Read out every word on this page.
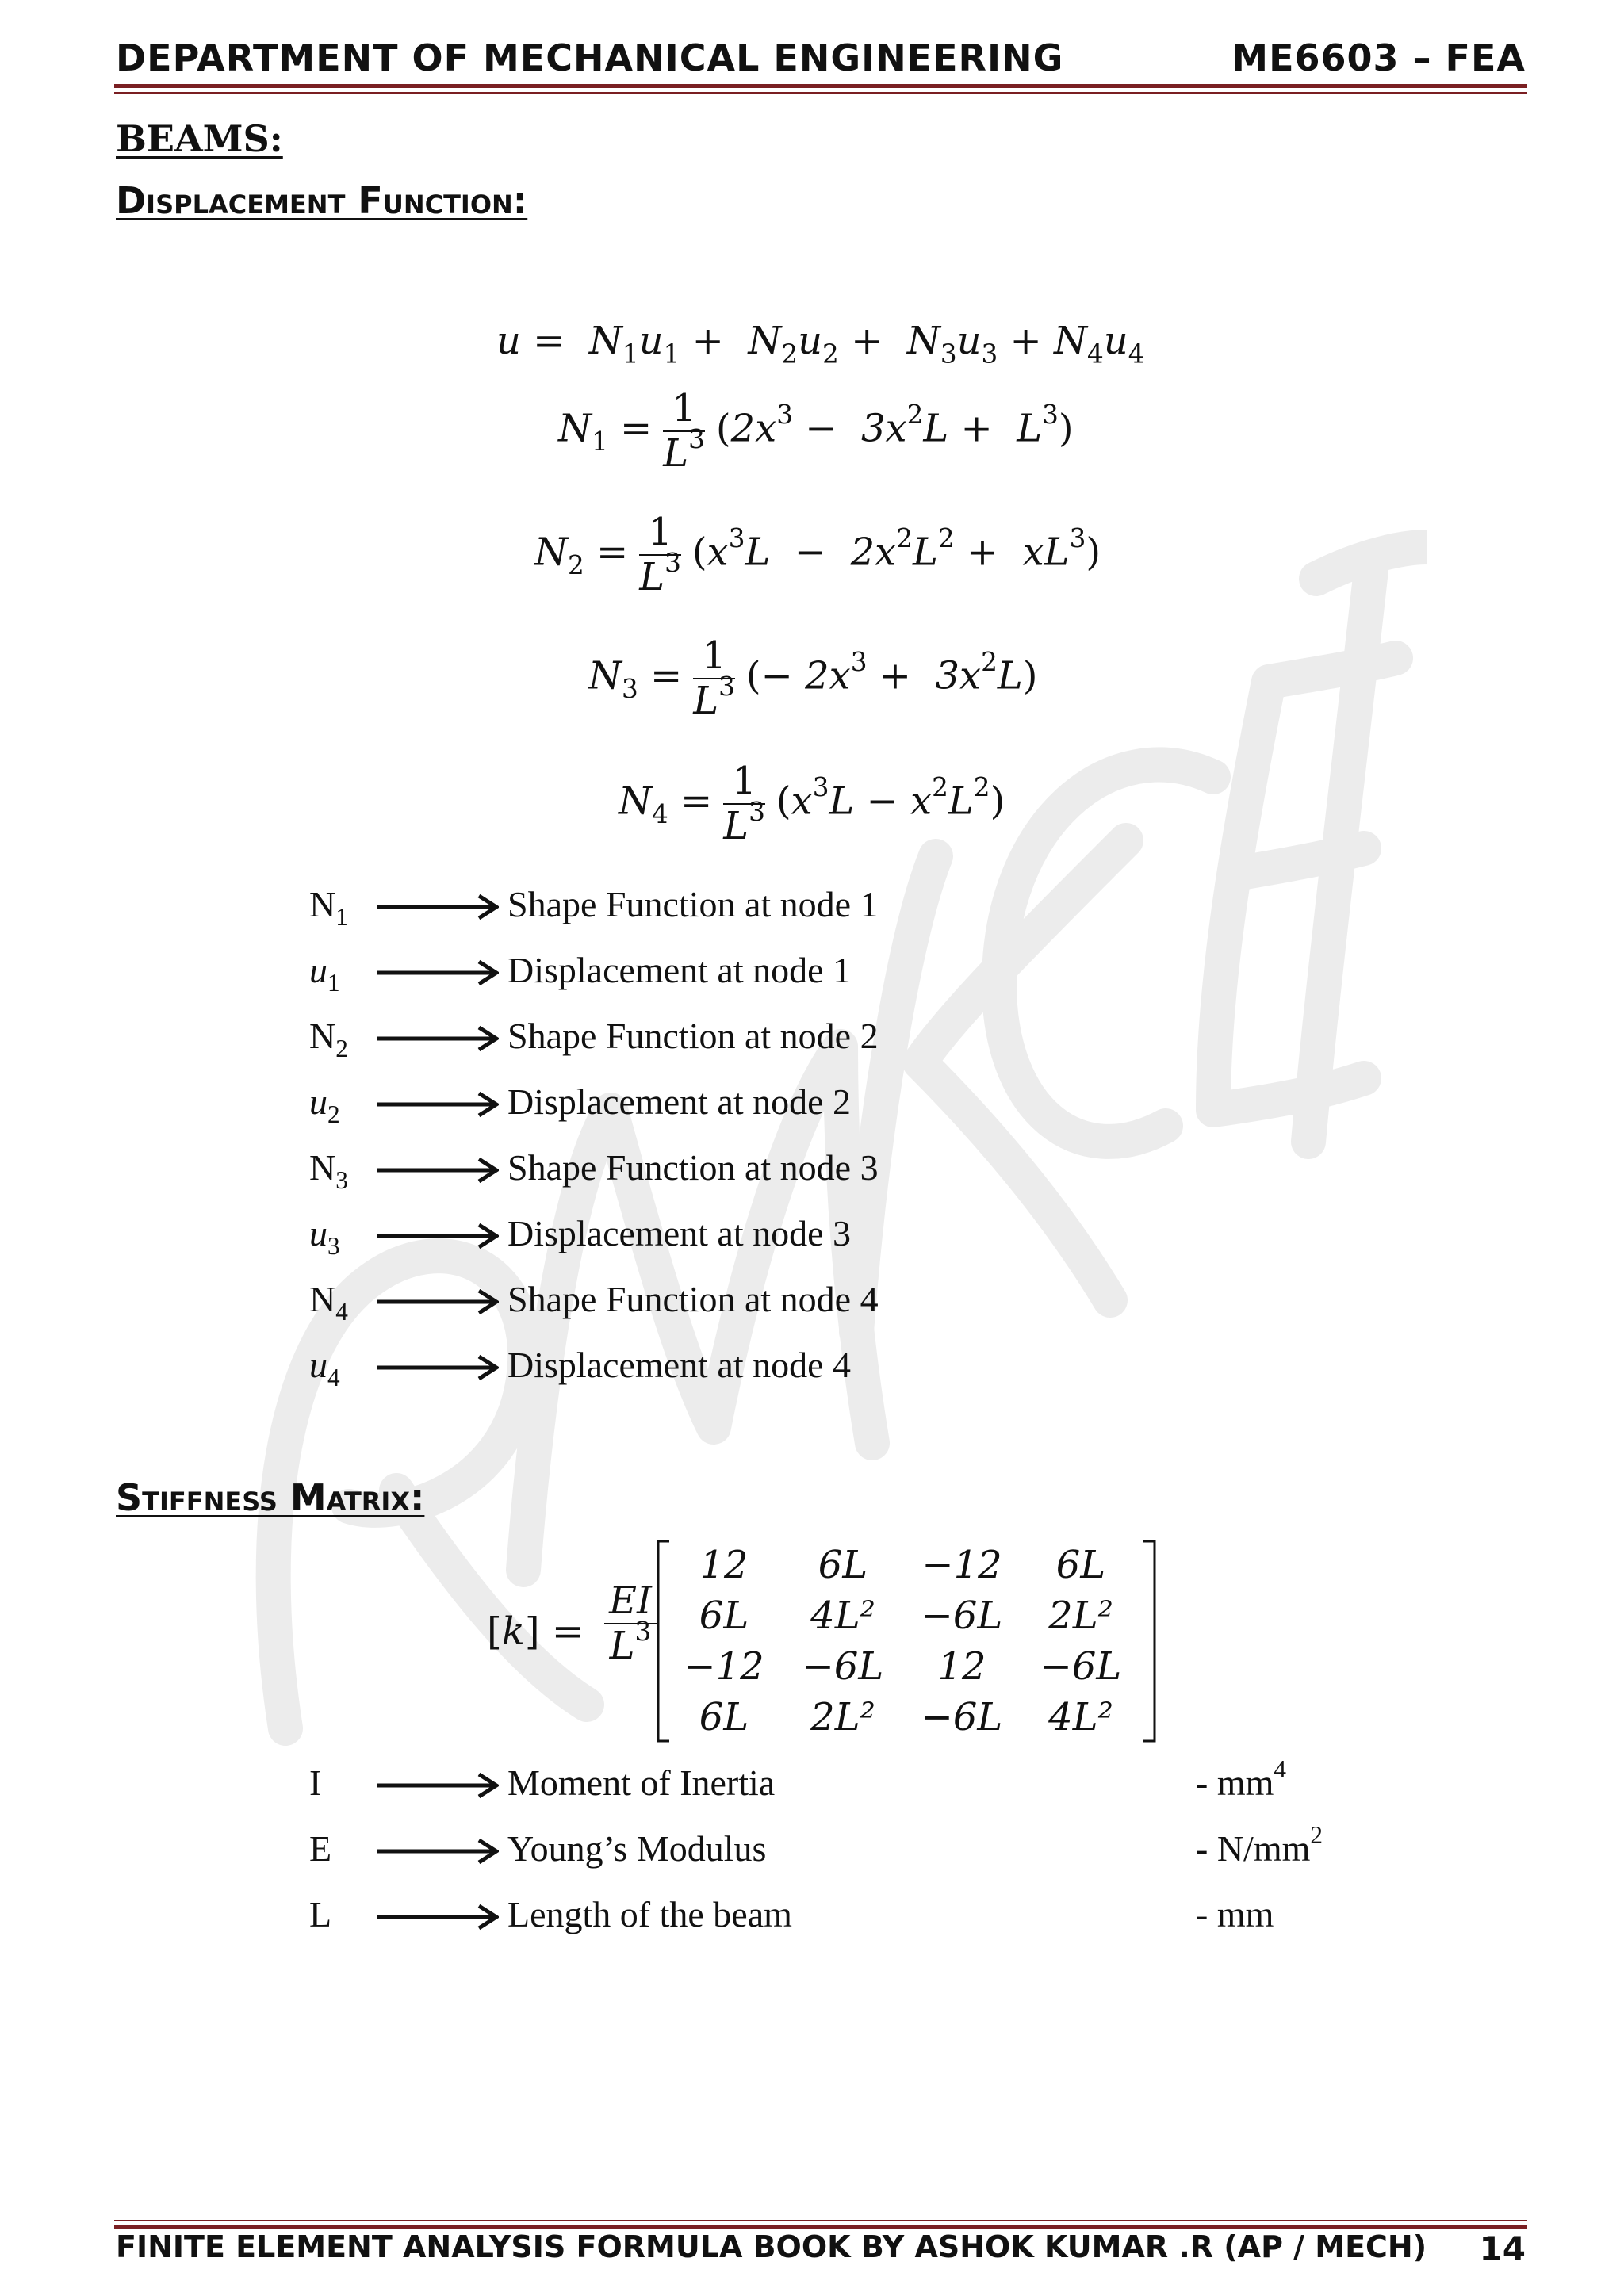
DEPARTMENT OF MECHANICAL ENGINEERING	ME6603 – FEA
BEAMS:
Displacement Function:
$u = N_1u_1 + N_2u_2 + N_3u_3 + N_4u_4$
$N_1 = \frac{1}{L^3} (2x^3 - 3x^2L + L^3)$
$N_2 = \frac{1}{L^3} (x^3L - 2x^2L^2 + xL^3)$
$N_3 = \frac{1}{L^3}$ (− $2x^3 + 3x^2L$)
$N_4 = \frac{1}{L^3} (x^3L - x^2L^2)$
$N_1$	Shape Function at node 1
$u_1$	Displacement at node 1
$N_2$	Shape Function at node 2
$u_2$	Displacement at node 2
$N_3$	Shape Function at node 3
$u_3$	Displacement at node 3
$N_4$	Shape Function at node 4
$u_4$	Displacement at node 4
Stiffness Matrix:
$[k] = \frac{EI}{L^3}$
12	6L	−12	6L
6L	4L²	−6L	2L²
−12	−6L	12	−6L
6L	2L²	−6L	4L²
I	Moment of Inertia	- $mm^4$
E	Young’s Modulus	- $N/mm^2$
L	Length of the beam	- mm
FINITE ELEMENT ANALYSIS FORMULA BOOK BY ASHOK KUMAR .R (AP / MECH) 14
